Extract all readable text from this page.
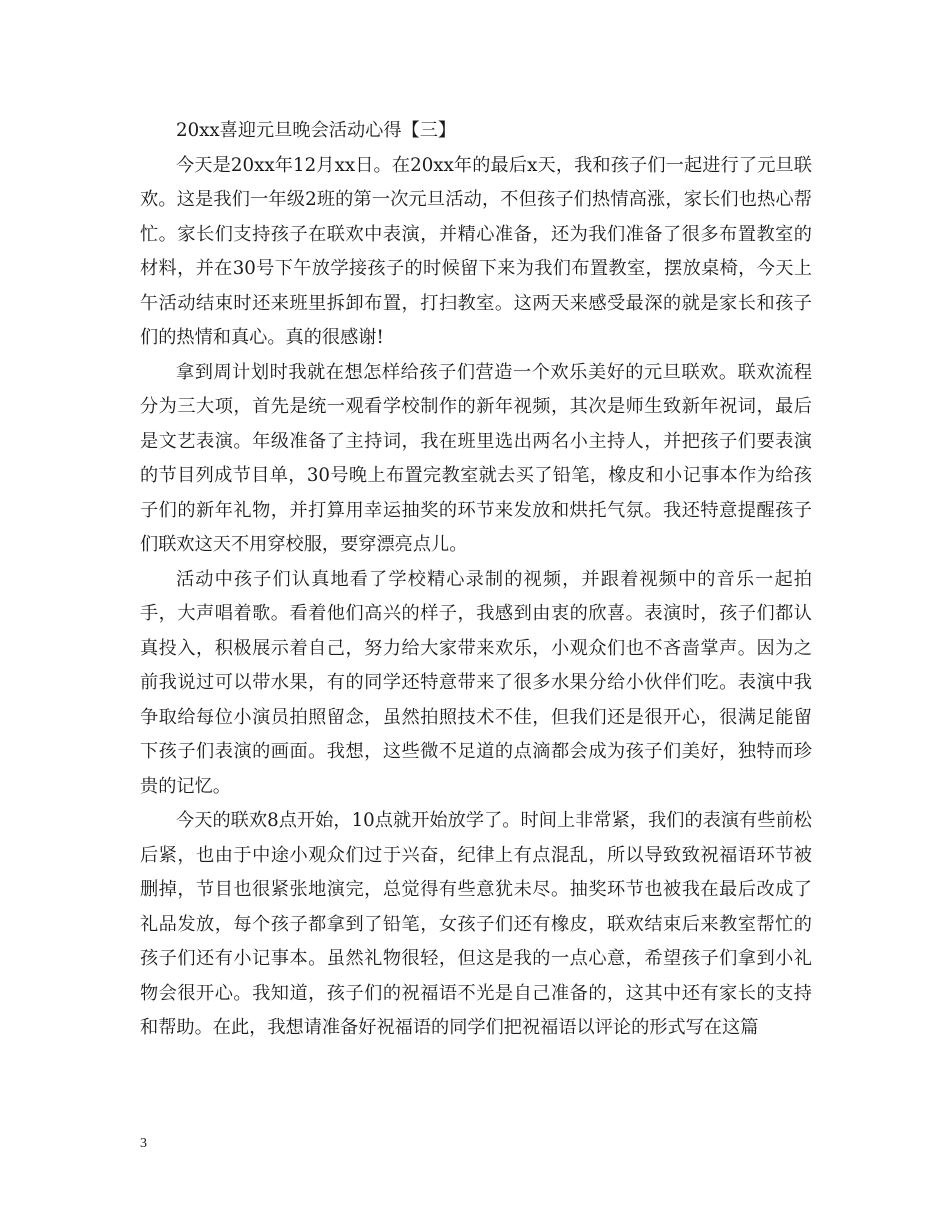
20xx喜迎元旦晚会活动心得【三】

今天是20xx年12月xx日。在20xx年的最后x天，我和孩子们一起进行了元旦联欢。这是我们一年级2班的第一次元旦活动，不但孩子们热情高涨，家长们也热心帮忙。家长们支持孩子在联欢中表演，并精心准备，还为我们准备了很多布置教室的材料，并在30号下午放学接孩子的时候留下来为我们布置教室，摆放桌椅，今天上午活动结束时还来班里拆卸布置，打扫教室。这两天来感受最深的就是家长和孩子们的热情和真心。真的很感谢!

拿到周计划时我就在想怎样给孩子们营造一个欢乐美好的元旦联欢。联欢流程分为三大项，首先是统一观看学校制作的新年视频，其次是师生致新年祝词，最后是文艺表演。年级准备了主持词，我在班里选出两名小主持人，并把孩子们要表演的节目列成节目单，30号晚上布置完教室就去买了铅笔，橡皮和小记事本作为给孩子们的新年礼物，并打算用幸运抽奖的环节来发放和烘托气氛。我还特意提醒孩子们联欢这天不用穿校服，要穿漂亮点儿。

活动中孩子们认真地看了学校精心录制的视频，并跟着视频中的音乐一起拍手，大声唱着歌。看着他们高兴的样子，我感到由衷的欣喜。表演时，孩子们都认真投入，积极展示着自己，努力给大家带来欢乐，小观众们也不吝啬掌声。因为之前我说过可以带水果，有的同学还特意带来了很多水果分给小伙伴们吃。表演中我争取给每位小演员拍照留念，虽然拍照技术不佳，但我们还是很开心，很满足能留下孩子们表演的画面。我想，这些微不足道的点滴都会成为孩子们美好，独特而珍贵的记忆。

今天的联欢8点开始，10点就开始放学了。时间上非常紧，我们的表演有些前松后紧，也由于中途小观众们过于兴奋，纪律上有点混乱，所以导致致祝福语环节被删掉，节目也很紧张地演完，总觉得有些意犹未尽。抽奖环节也被我在最后改成了礼品发放，每个孩子都拿到了铅笔，女孩子们还有橡皮，联欢结束后来教室帮忙的孩子们还有小记事本。虽然礼物很轻，但这是我的一点心意，希望孩子们拿到小礼物会很开心。我知道，孩子们的祝福语不光是自己准备的，这其中还有家长的支持和帮助。在此，我想请准备好祝福语的同学们把祝福语以评论的形式写在这篇

3
